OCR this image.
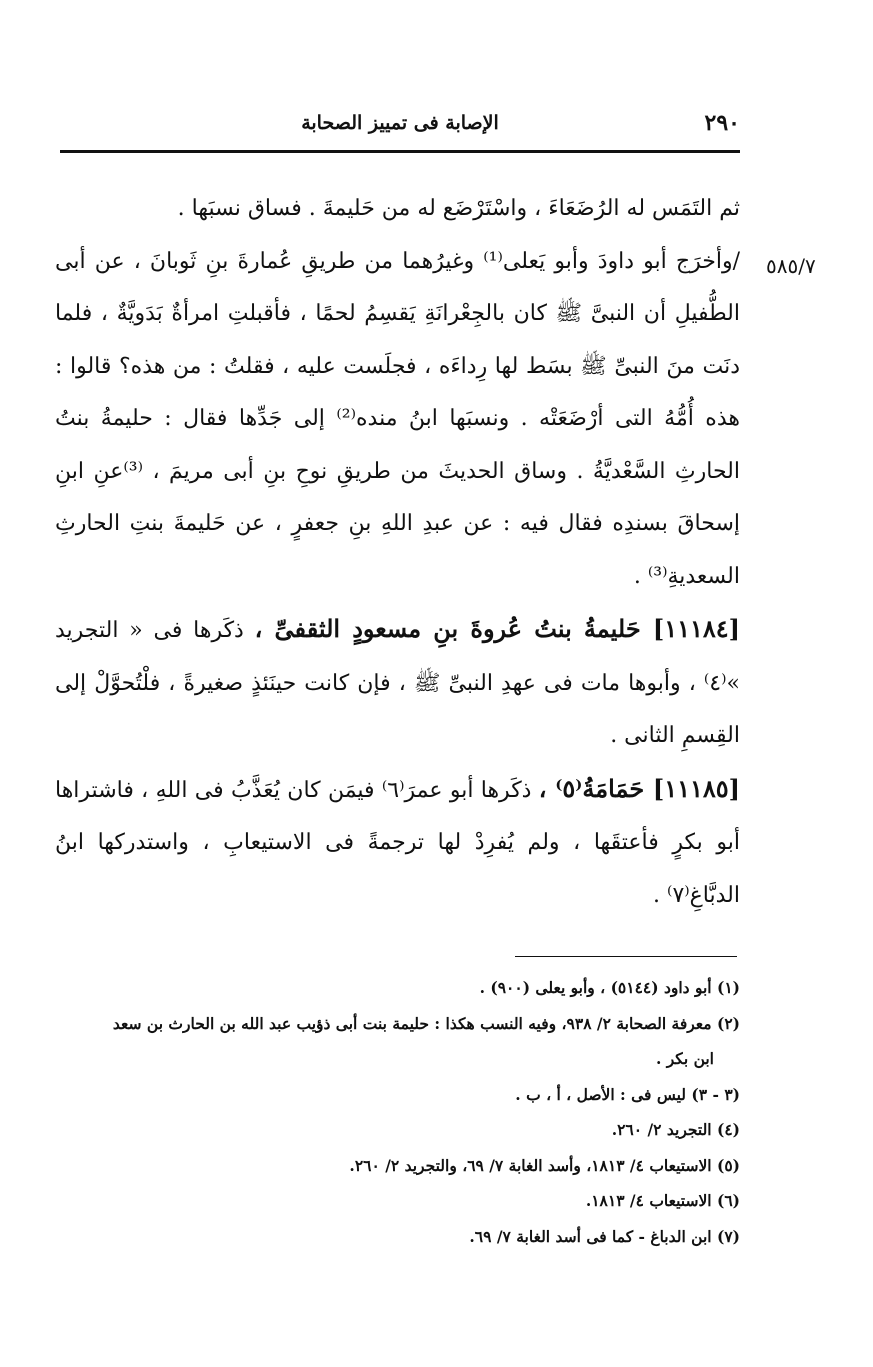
٢٩٠
الإصابة فى تمييز الصحابة
٥٨٥/٧

ثم التَمَس له الرُضَعَاءَ ، واسْتَرْضَع له من حَليمةَ . فساق نسبَها .

/وأخرَج أبو داودَ وأبو يَعلى⁽¹⁾ وغيرُهما من طريقِ عُمارةَ بنِ ثَوبانَ ، عن أبى الطُّفيلِ أن النبىَّ ﷺ كان بالجِعْرانَةِ يَقسِمُ لحمًا ، فأقبلتِ امرأةٌ بَدَويَّةٌ ، فلما دنَت منَ النبىِّ ﷺ بسَط لها رِداءَه ، فجلَست عليه ، فقلتُ : من هذه؟ قالوا : هذه أُمُّهُ التى أرْضَعَتْه . ونسبَها ابنُ منده⁽²⁾ إلى جَدِّها فقال : حليمةُ بنتُ الحارثِ السَّعْديَّةُ . وساق الحديثَ من طريقِ نوحِ بنِ أبى مريمَ ، ⁽³⁾عنِ ابنِ إسحاقَ بسندِه فقال فيه : عن عبدِ اللهِ بنِ جعفرٍ ، عن حَليمةَ بنتِ الحارثِ السعديةِ⁽³⁾ .

[١١١٨٤] حَليمةُ بنتُ عُروةَ بنِ مسعودٍ الثقفىِّ ، ذكَرها فى « التجريد »⁽٤⁾ ، وأبوها مات فى عهدِ النبىِّ ﷺ ، فإن كانت حينَئذٍ صغيرةً ، فلْتُحوَّلْ إلى القِسمِ الثانى .

[١١١٨٥] حَمَامَةُ⁽٥⁾ ، ذكَرها أبو عمرَ⁽٦⁾ فيمَن كان يُعَذَّبُ فى اللهِ ، فاشتراها أبو بكرٍ فأعتقَها ، ولم يُفرِدْ لها ترجمةً فى الاستيعابِ ، واستدركها ابنُ الدبَّاغِ⁽٧⁾ .

(١) أبو داود (٥١٤٤) ، وأبو يعلى (٩٠٠) .
(٢) معرفة الصحابة ٢/ ٩٣٨، وفيه النسب هكذا : حليمة بنت أبى ذؤيب عبد الله بن الحارث بن سعد
ابن بكر .
(٣ - ٣) ليس فى : الأصل ، أ ، ب .
(٤) التجريد ٢/ ٢٦٠.
(٥) الاستيعاب ٤/ ١٨١٣، وأسد الغابة ٧/ ٦٩، والتجريد ٢/ ٢٦٠.
(٦) الاستيعاب ٤/ ١٨١٣.
(٧) ابن الدباغ - كما فى أسد الغابة ٧/ ٦٩.
